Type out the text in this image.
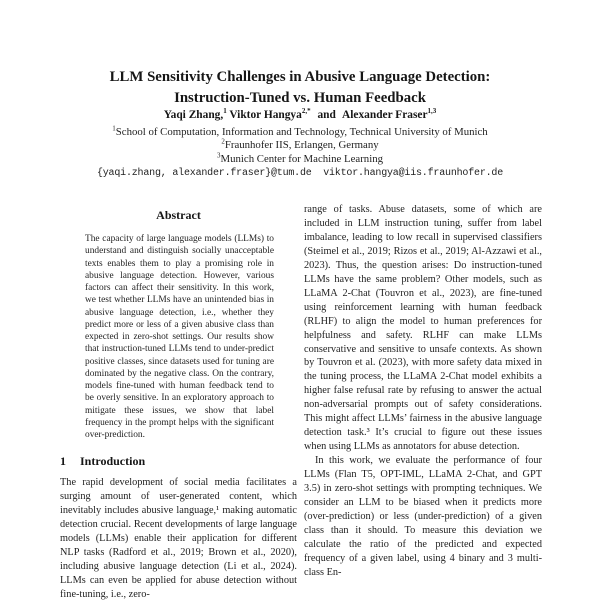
LLM Sensitivity Challenges in Abusive Language Detection:
Instruction-Tuned vs. Human Feedback
Yaqi Zhang,$^1$ Viktor Hangya$^{2,*}$ and Alexander Fraser$^{1,3}$
$^1$School of Computation, Information and Technology, Technical University of Munich
$^2$Fraunhofer IIS, Erlangen, Germany
$^3$Munich Center for Machine Learning
{yaqi.zhang, alexander.fraser}@tum.de  viktor.hangya@iis.fraunhofer.de
Abstract
The capacity of large language models (LLMs) to understand and distinguish socially unacceptable texts enables them to play a promising role in abusive language detection. However, various factors can affect their sensitivity. In this work, we test whether LLMs have an unintended bias in abusive language detection, i.e., whether they predict more or less of a given abusive class than expected in zero-shot settings. Our results show that instruction-tuned LLMs tend to under-predict positive classes, since datasets used for tuning are dominated by the negative class. On the contrary, models fine-tuned with human feedback tend to be overly sensitive. In an exploratory approach to mitigate these issues, we show that label frequency in the prompt helps with the significant over-prediction.
1 Introduction
The rapid development of social media facilitates a surging amount of user-generated content, which inevitably includes abusive language,¹ making automatic detection crucial. Recent developments of large language models (LLMs) enable their application for different NLP tasks (Radford et al., 2019; Brown et al., 2020), including abusive language detection (Li et al., 2024). LLMs can even be applied for abuse detection without fine-tuning, i.e., zero-
range of tasks. Abuse datasets, some of which are included in LLM instruction tuning, suffer from label imbalance, leading to low recall in supervised classifiers (Steimel et al., 2019; Rizos et al., 2019; Al-Azzawi et al., 2023). Thus, the question arises: Do instruction-tuned LLMs have the same problem? Other models, such as LLaMA 2-Chat (Touvron et al., 2023), are fine-tuned using reinforcement learning with human feedback (RLHF) to align the model to human preferences for helpfulness and safety. RLHF can make LLMs conservative and sensitive to unsafe contexts. As shown by Touvron et al. (2023), with more safety data mixed in the tuning process, the LLaMA 2-Chat model exhibits a higher false refusal rate by refusing to answer the actual non-adversarial prompts out of safety considerations. This might affect LLMs’ fairness in the abusive language detection task.³ It’s crucial to figure out these issues when using LLMs as annotators for abuse detection.
In this work, we evaluate the performance of four LLMs (Flan T5, OPT-IML, LLaMA 2-Chat, and GPT 3.5) in zero-shot settings with prompting techniques. We consider an LLM to be biased when it predicts more (over-prediction) or less (under-prediction) of a given class than it should. To measure this deviation we calculate the ratio of the predicted and expected frequency of a given label, using 4 binary and 3 multi-class En-
